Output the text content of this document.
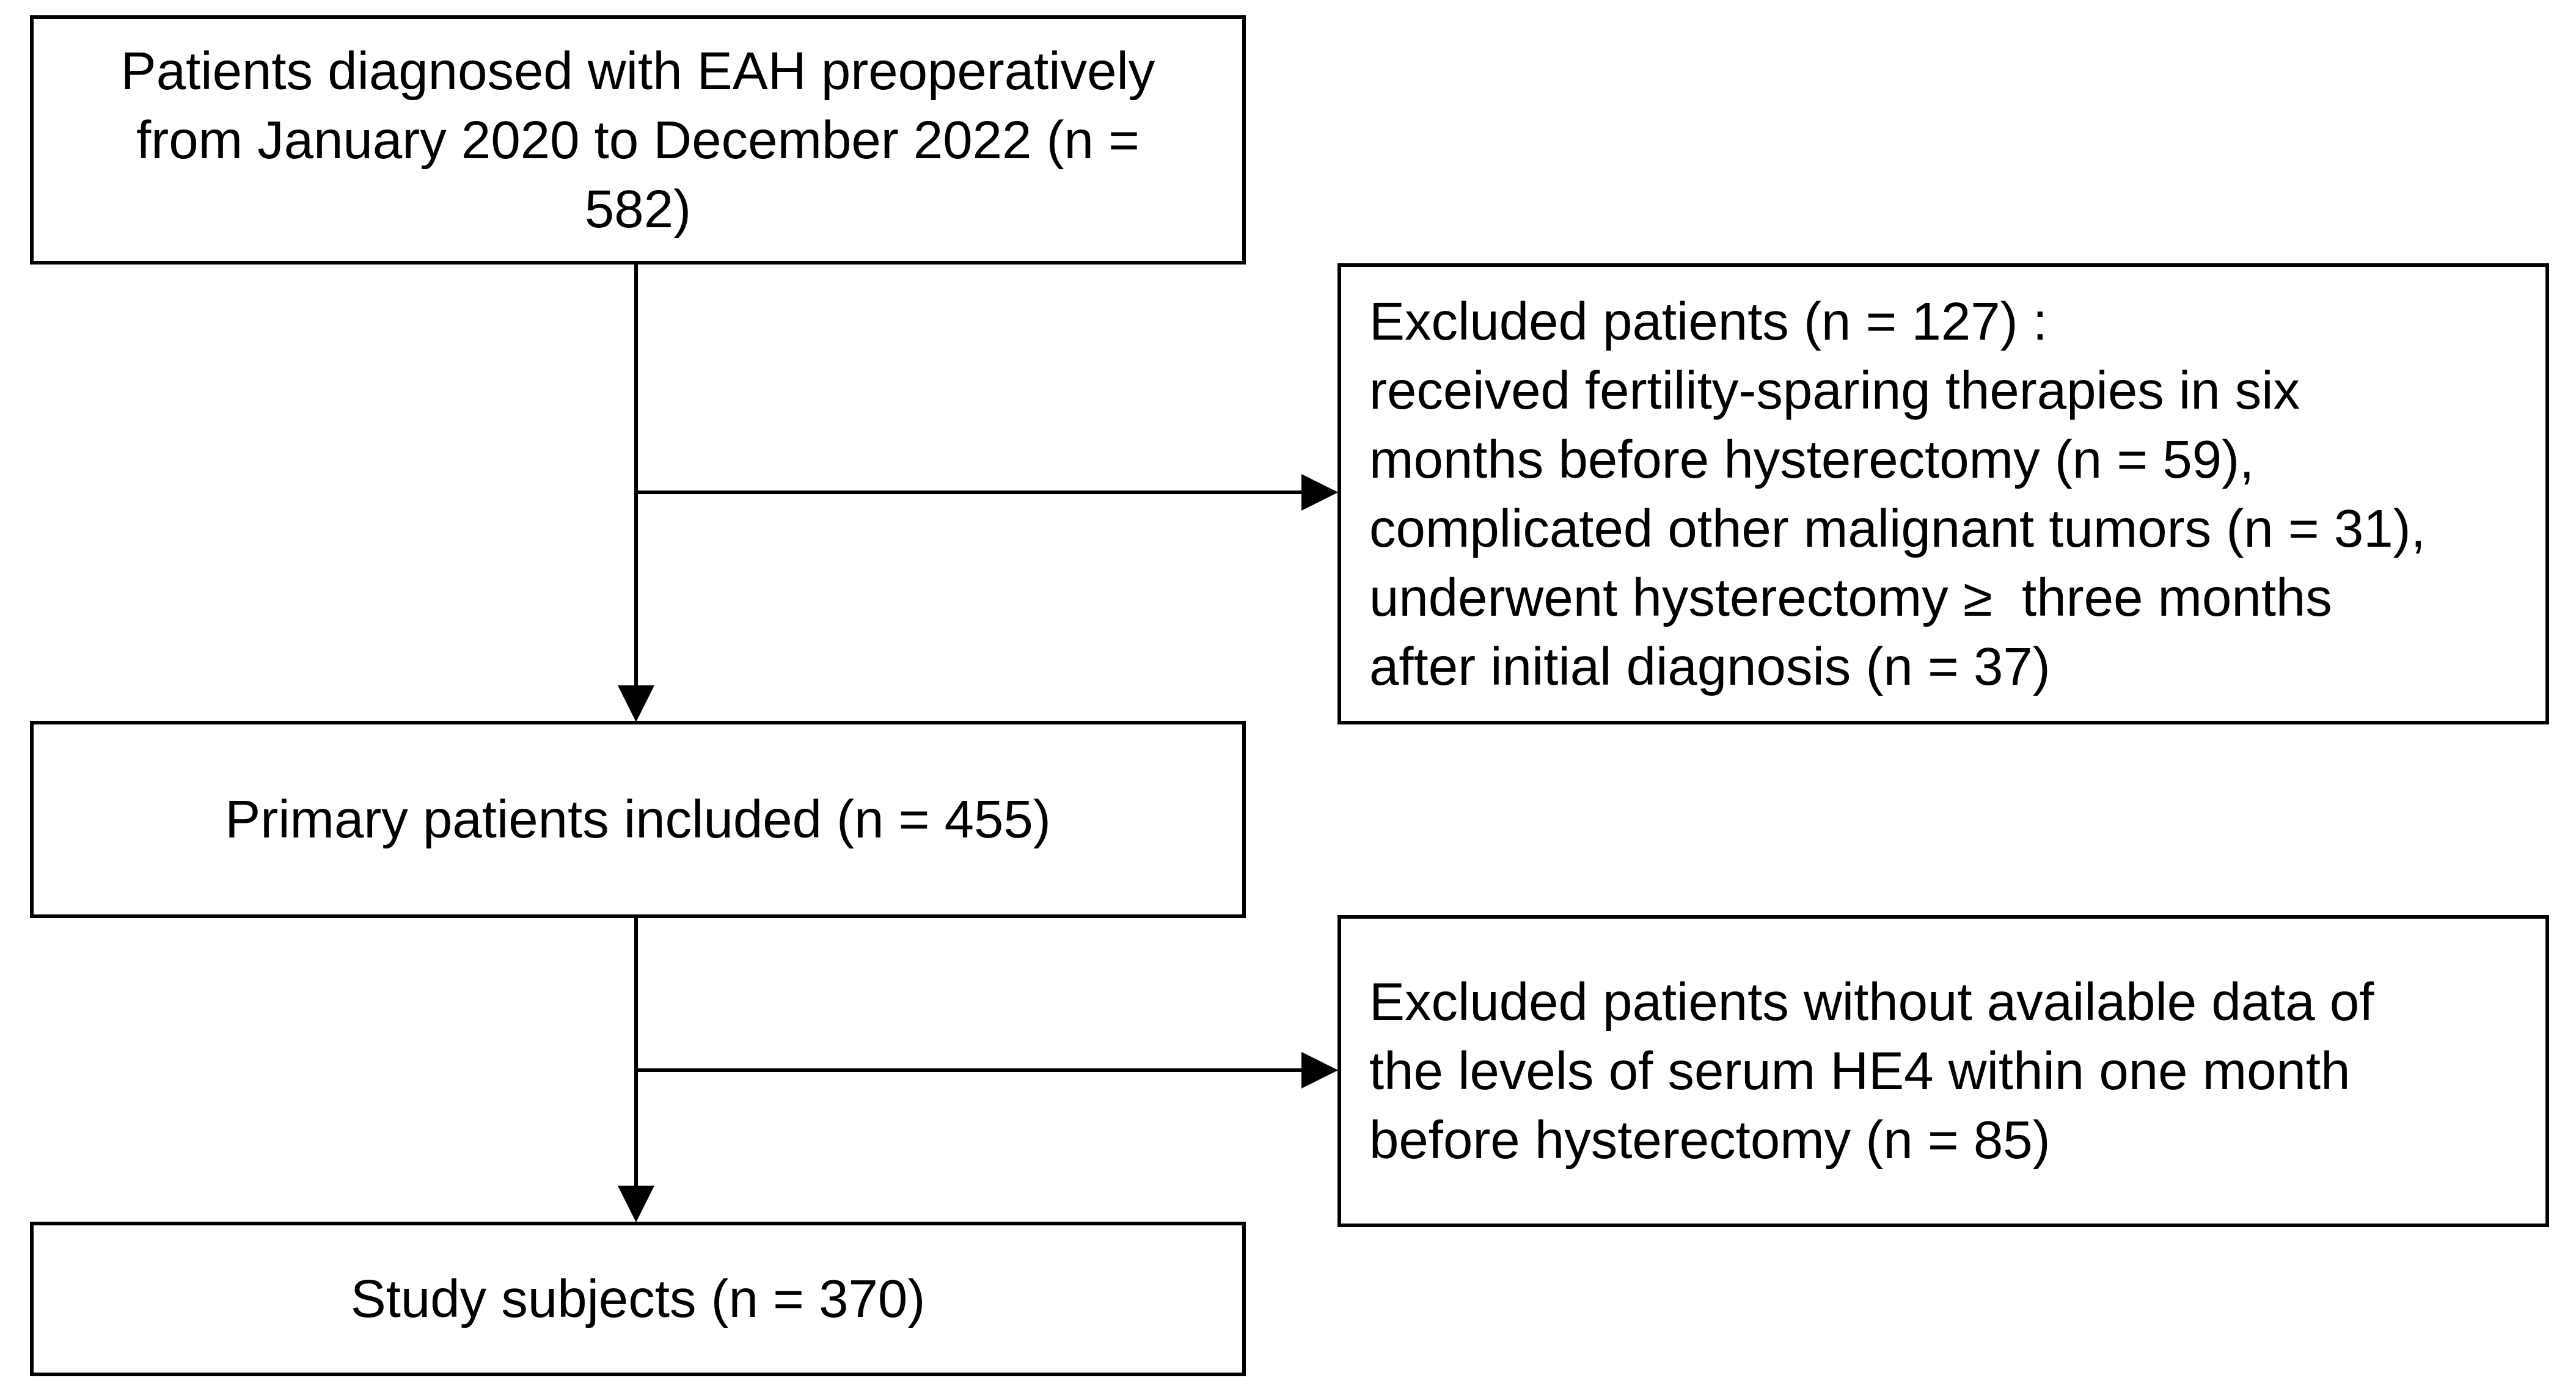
Patients diagnosed with EAH preoperatively
from January 2020 to December 2022 (n =
582)
Excluded patients (n = 127) :
received fertility-sparing therapies in six
months before hysterectomy (n = 59),
complicated other malignant tumors (n = 31),
underwent hysterectomy ≥  three months
after initial diagnosis (n = 37)
Primary patients included (n = 455)
Excluded patients without available data of
the levels of serum HE4 within one month
before hysterectomy (n = 85)
Study subjects (n = 370)
